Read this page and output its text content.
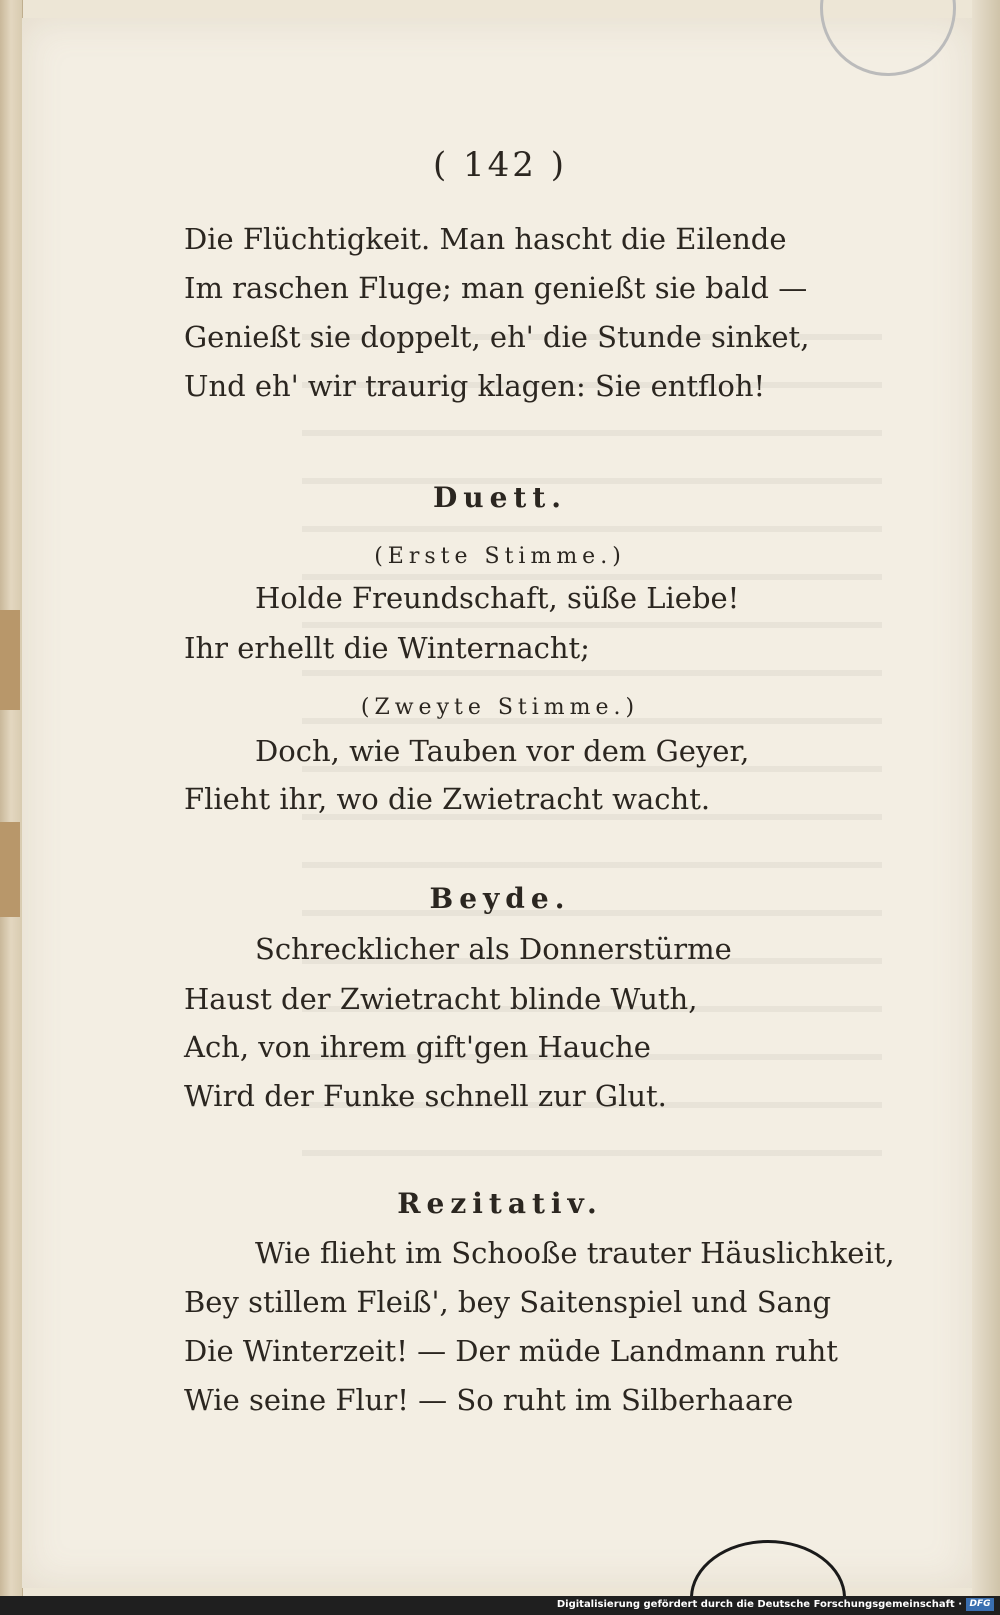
( 142 )
Die Flüchtigkeit. Man hascht die Eilende
Im raschen Fluge; man genießt sie bald —
Genießt sie doppelt, eh' die Stunde sinket,
Und eh' wir traurig klagen: Sie entfloh!
Duett.
(Erste Stimme.)
Holde Freundschaft, süße Liebe!
Ihr erhellt die Winternacht;
(Zweyte Stimme.)
Doch, wie Tauben vor dem Geyer,
Flieht ihr, wo die Zwietracht wacht.
Beyde.
Schrecklicher als Donnerstürme
Haust der Zwietracht blinde Wuth,
Ach, von ihrem gift'gen Hauche
Wird der Funke schnell zur Glut.
Rezitativ.
Wie flieht im Schooße trauter Häuslichkeit,
Bey stillem Fleiß', bey Saitenspiel und Sang
Die Winterzeit! — Der müde Landmann ruht
Wie seine Flur! — So ruht im Silberhaare
Digitalisierung gefördert durch die Deutsche Forschungsgemeinschaft · DFG
